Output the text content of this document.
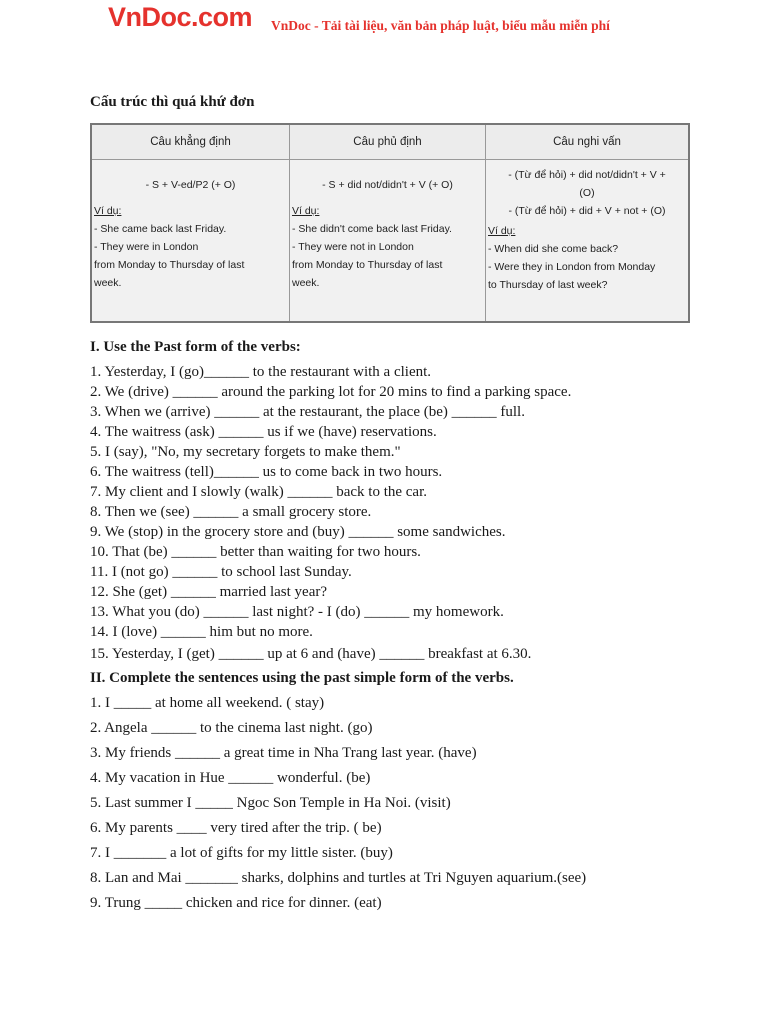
VnDoc.com VnDoc - Tải tài liệu, văn bản pháp luật, biểu mẫu miễn phí
Cấu trúc thì quá khứ đơn
Câu khẳng định
- S + V-ed/P2 (+ O)
Ví dụ:
- She came back last Friday.
- They were in London
from Monday to Thursday of last
week.
Câu phủ định
- S + did not/didn't + V (+ O)
Ví dụ:
- She didn't come back last Friday.
- They were not in London
from Monday to Thursday of last
week.
Câu nghi vấn
- (Từ để hỏi) + did not/didn't + V +
(O)
- (Từ để hỏi) + did + V + not + (O)
Ví dụ:
- When did she come back?
- Were they in London from Monday
to Thursday of last week?
I. Use the Past form of the verbs:
1. Yesterday, I (go)______ to the restaurant with a client.
2. We (drive) ______ around the parking lot for 20 mins to find a parking space.
3. When we (arrive) ______ at the restaurant, the place (be) ______ full.
4. The waitress (ask) ______ us if we (have) reservations.
5. I (say), "No, my secretary forgets to make them."
6. The waitress (tell)______ us to come back in two hours.
7. My client and I slowly (walk) ______ back to the car.
8. Then we (see) ______ a small grocery store.
9. We (stop) in the grocery store and (buy) ______ some sandwiches.
10. That (be) ______ better than waiting for two hours.
11. I (not go) ______ to school last Sunday.
12. She (get) ______ married last year?
13. What you (do) ______ last night? - I (do) ______ my homework.
14. I (love) ______ him but no more.
15. Yesterday, I (get) ______ up at 6 and (have) ______ breakfast at 6.30.
II. Complete the sentences using the past simple form of the verbs.
1. I _____ at home all weekend. ( stay)
2. Angela ______ to the cinema last night. (go)
3. My friends ______ a great time in Nha Trang last year. (have)
4. My vacation in Hue ______ wonderful. (be)
5. Last summer I _____ Ngoc Son Temple in Ha Noi. (visit)
6. My parents ____ very tired after the trip. ( be)
7. I _______ a lot of gifts for my little sister. (buy)
8. Lan and Mai _______ sharks, dolphins and turtles at Tri Nguyen aquarium.(see)
9. Trung _____ chicken and rice for dinner. (eat)
